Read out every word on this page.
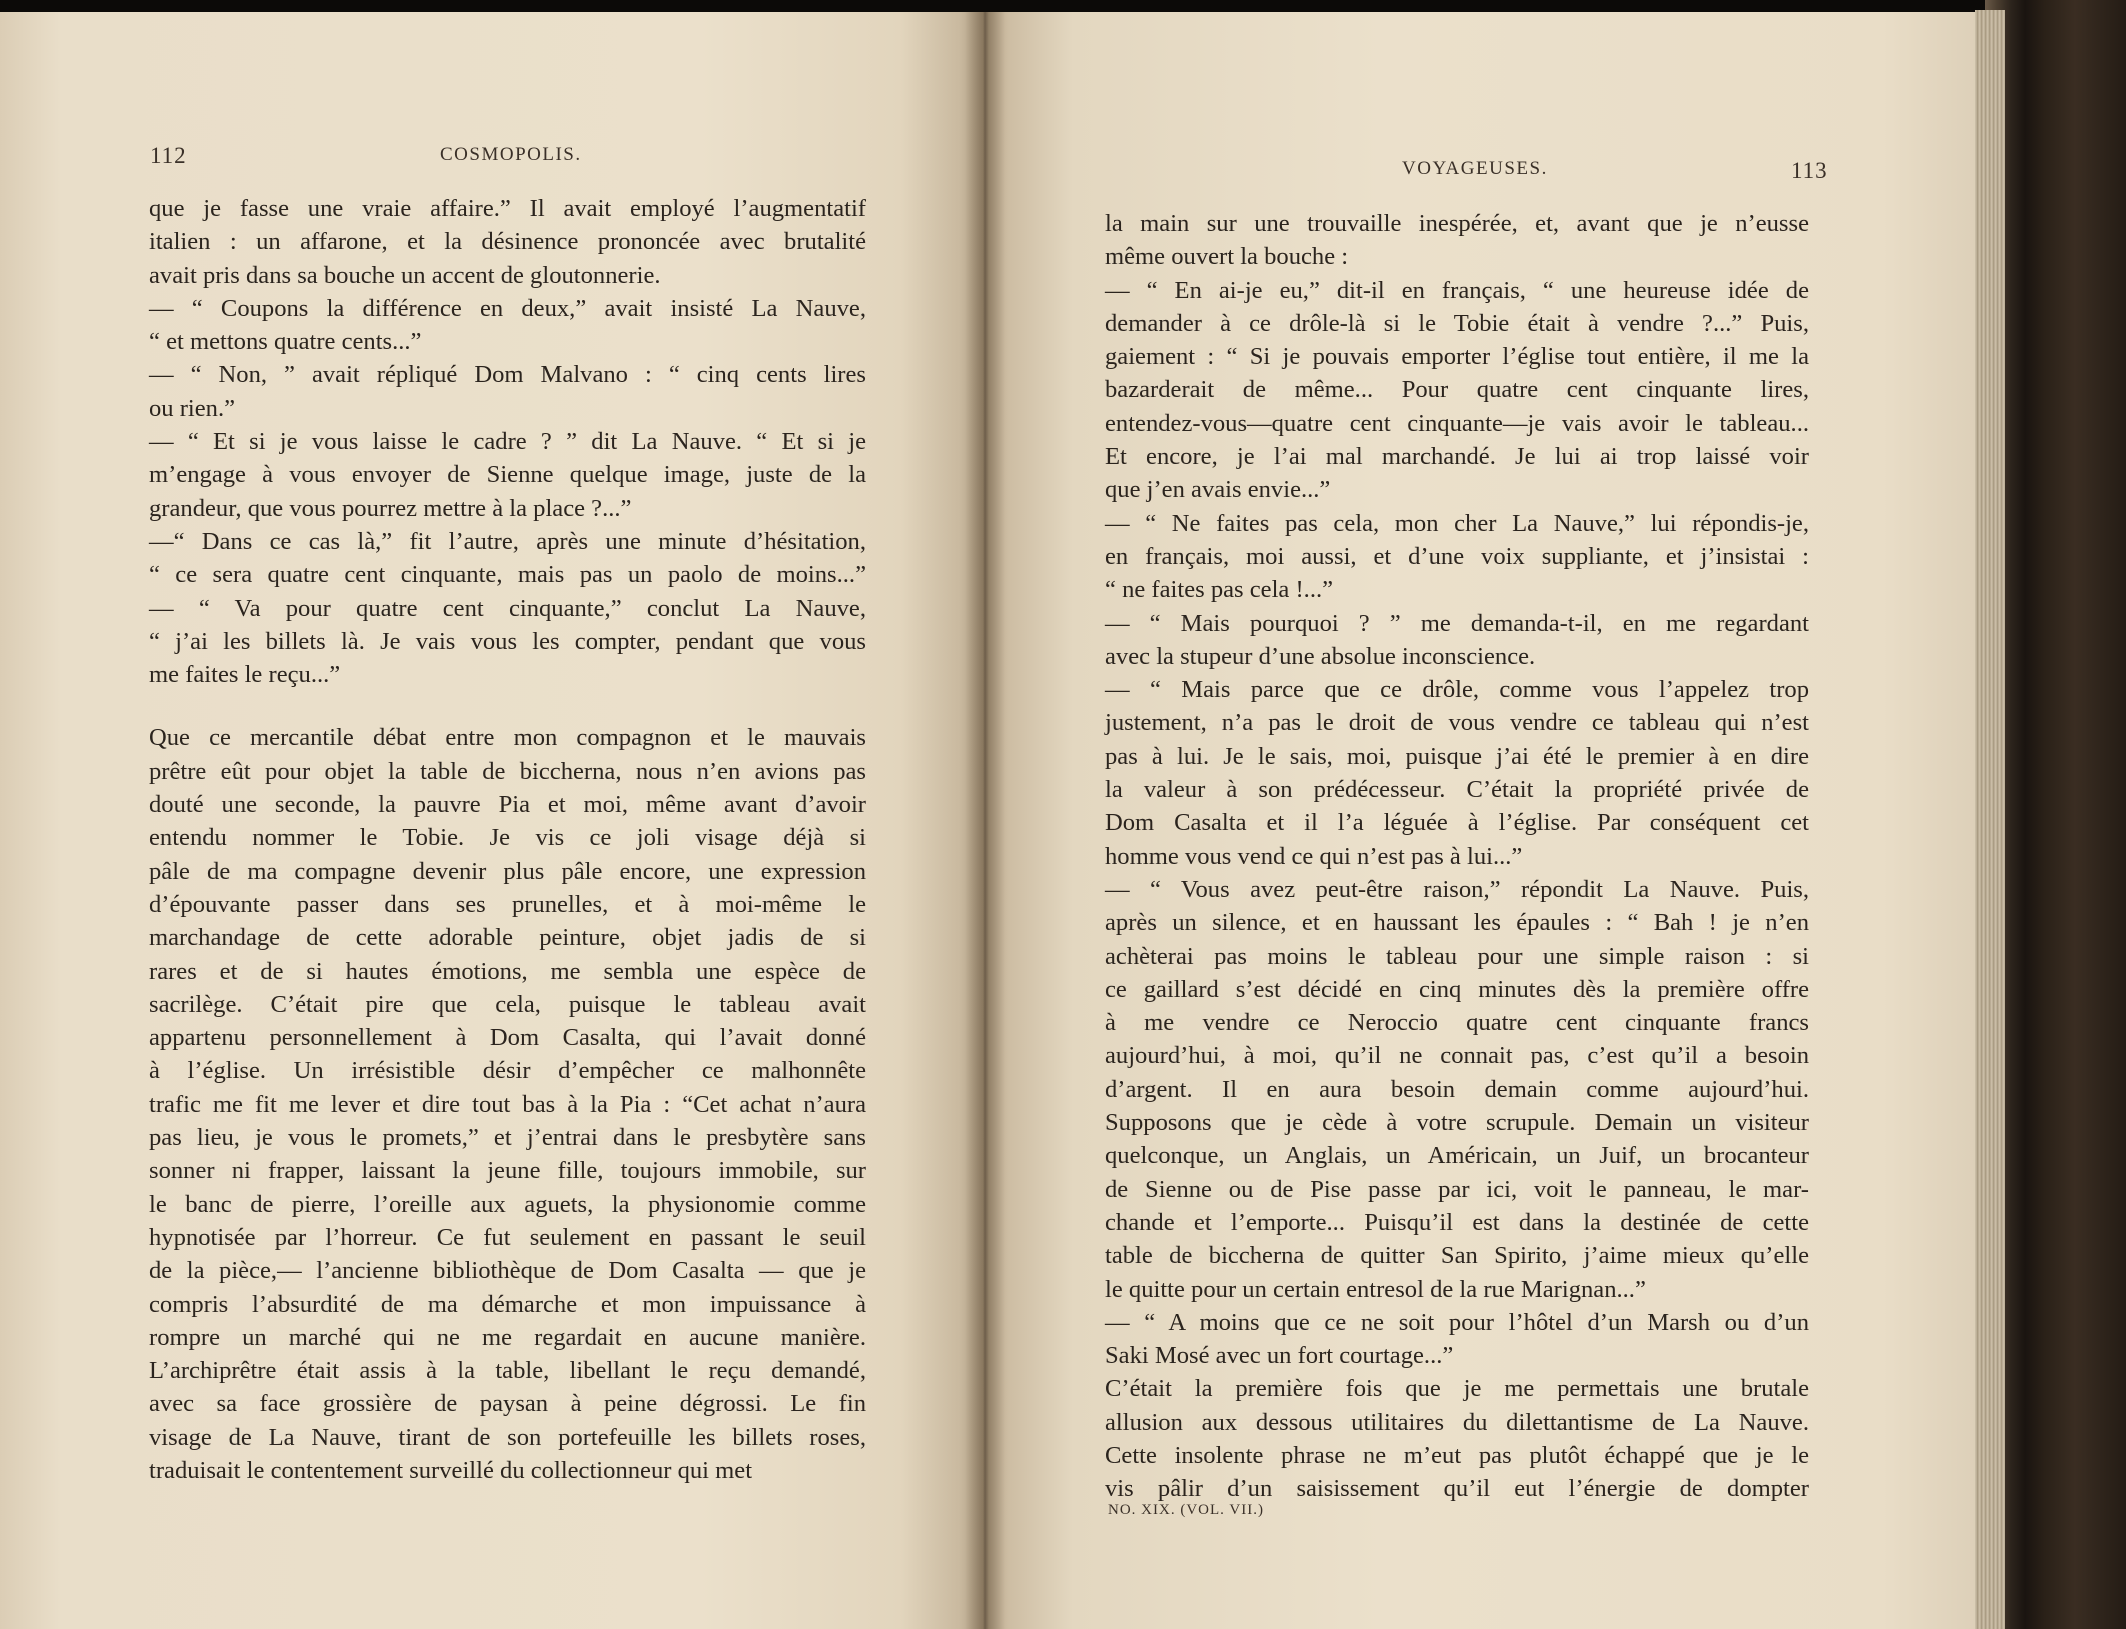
112	COSMOPOLIS.
que je fasse une vraie affaire.” Il avait employé l’augmentatif
italien : un affarone, et la désinence prononcée avec brutalité
avait pris dans sa bouche un accent de gloutonnerie.
— “ Coupons la différence en deux,” avait insisté La Nauve,
“ et mettons quatre cents...”
— “ Non, ” avait répliqué Dom Malvano : “ cinq cents lires
ou rien.”
— “ Et si je vous laisse le cadre ? ” dit La Nauve. “ Et si je
m’engage à vous envoyer de Sienne quelque image, juste de la
grandeur, que vous pourrez mettre à la place ?...”
—“ Dans ce cas là,” fit l’autre, après une minute d’hésitation,
“ ce sera quatre cent cinquante, mais pas un paolo de moins...”
— “ Va pour quatre cent cinquante,” conclut La Nauve,
“ j’ai les billets là. Je vais vous les compter, pendant que vous
me faites le reçu...”
Que ce mercantile débat entre mon compagnon et le mauvais
prêtre eût pour objet la table de biccherna, nous n’en avions pas
douté une seconde, la pauvre Pia et moi, même avant d’avoir
entendu nommer le Tobie. Je vis ce joli visage déjà si
pâle de ma compagne devenir plus pâle encore, une expression
d’épouvante passer dans ses prunelles, et à moi-même le
marchandage de cette adorable peinture, objet jadis de si
rares et de si hautes émotions, me sembla une espèce de
sacrilège. C’était pire que cela, puisque le tableau avait
appartenu personnellement à Dom Casalta, qui l’avait donné
à l’église. Un irrésistible désir d’empêcher ce malhonnête
trafic me fit me lever et dire tout bas à la Pia : “Cet achat n’aura
pas lieu, je vous le promets,” et j’entrai dans le presbytère sans
sonner ni frapper, laissant la jeune fille, toujours immobile, sur
le banc de pierre, l’oreille aux aguets, la physionomie comme
hypnotisée par l’horreur. Ce fut seulement en passant le seuil
de la pièce,— l’ancienne bibliothèque de Dom Casalta — que je
compris l’absurdité de ma démarche et mon impuissance à
rompre un marché qui ne me regardait en aucune manière.
L’archiprêtre était assis à la table, libellant le reçu demandé,
avec sa face grossière de paysan à peine dégrossi. Le fin
visage de La Nauve, tirant de son portefeuille les billets roses,
traduisait le contentement surveillé du collectionneur qui met
VOYAGEUSES.	113
la main sur une trouvaille inespérée, et, avant que je n’eusse
même ouvert la bouche :
— “ En ai-je eu,” dit-il en français, “ une heureuse idée de
demander à ce drôle-là si le Tobie était à vendre ?...” Puis,
gaiement : “ Si je pouvais emporter l’église tout entière, il me la
bazarderait de même... Pour quatre cent cinquante lires,
entendez-vous—quatre cent cinquante—je vais avoir le tableau...
Et encore, je l’ai mal marchandé. Je lui ai trop laissé voir
que j’en avais envie...”
— “ Ne faites pas cela, mon cher La Nauve,” lui répondis-je,
en français, moi aussi, et d’une voix suppliante, et j’insistai :
“ ne faites pas cela !...”
— “ Mais pourquoi ? ” me demanda-t-il, en me regardant
avec la stupeur d’une absolue inconscience.
— “ Mais parce que ce drôle, comme vous l’appelez trop
justement, n’a pas le droit de vous vendre ce tableau qui n’est
pas à lui. Je le sais, moi, puisque j’ai été le premier à en dire
la valeur à son prédécesseur. C’était la propriété privée de
Dom Casalta et il l’a léguée à l’église. Par conséquent cet
homme vous vend ce qui n’est pas à lui...”
— “ Vous avez peut-être raison,” répondit La Nauve. Puis,
après un silence, et en haussant les épaules : “ Bah ! je n’en
achèterai pas moins le tableau pour une simple raison : si
ce gaillard s’est décidé en cinq minutes dès la première offre
à me vendre ce Neroccio quatre cent cinquante francs
aujourd’hui, à moi, qu’il ne connait pas, c’est qu’il a besoin
d’argent. Il en aura besoin demain comme aujourd’hui.
Supposons que je cède à votre scrupule. Demain un visiteur
quelconque, un Anglais, un Américain, un Juif, un brocanteur
de Sienne ou de Pise passe par ici, voit le panneau, le mar-
chande et l’emporte... Puisqu’il est dans la destinée de cette
table de biccherna de quitter San Spirito, j’aime mieux qu’elle
le quitte pour un certain entresol de la rue Marignan...”
— “ A moins que ce ne soit pour l’hôtel d’un Marsh ou d’un
Saki Mosé avec un fort courtage...”
C’était la première fois que je me permettais une brutale
allusion aux dessous utilitaires du dilettantisme de La Nauve.
Cette insolente phrase ne m’eut pas plutôt échappé que je le
vis pâlir d’un saisissement qu’il eut l’énergie de dompter
NO. XIX. (VOL. VII.)
